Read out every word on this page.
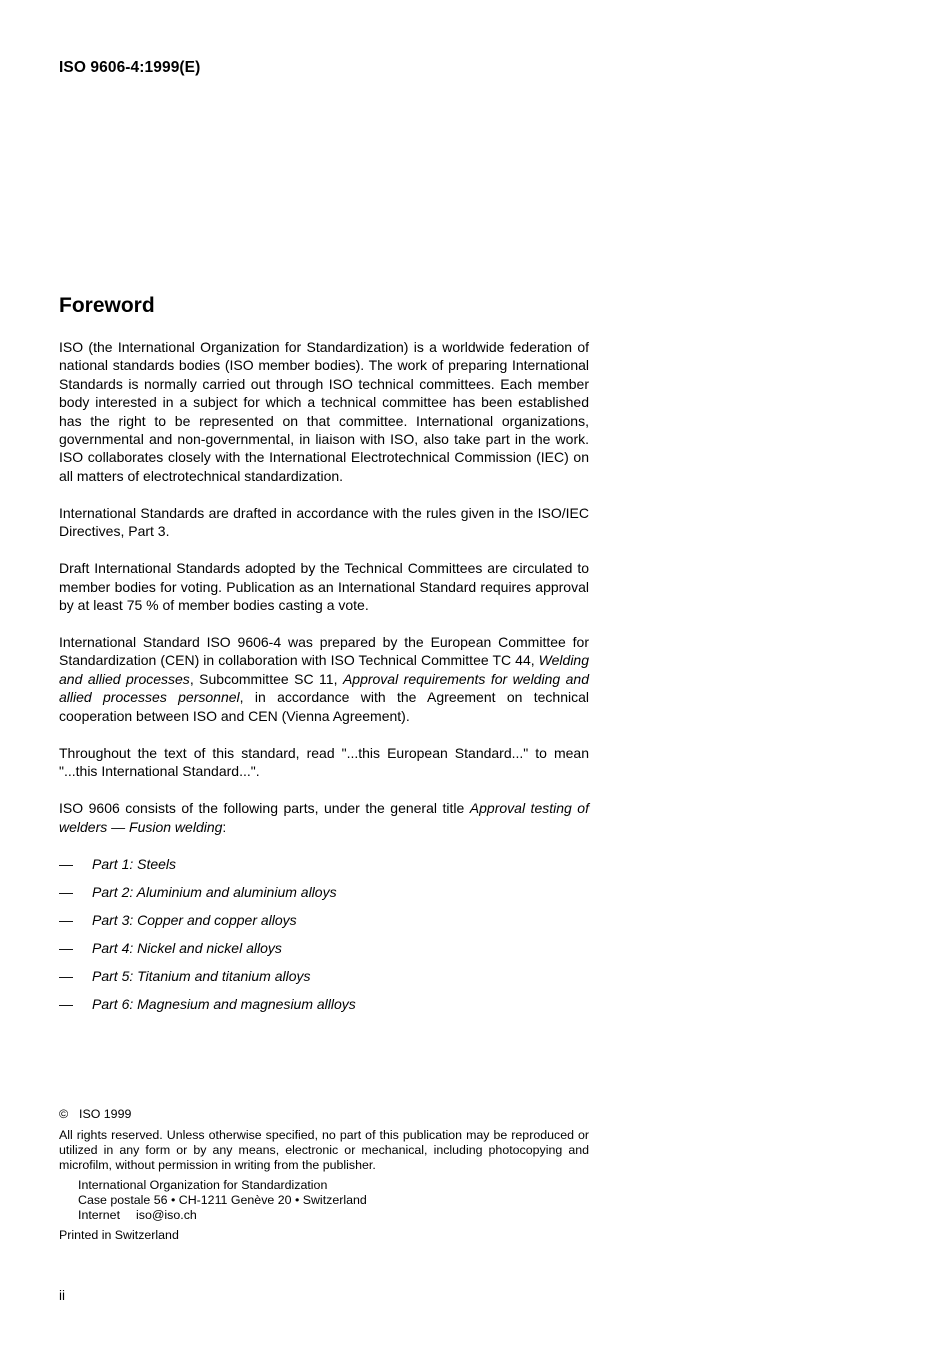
ISO 9606-4:1999(E)
Foreword

ISO (the International Organization for Standardization) is a worldwide federation of national standards bodies (ISO member bodies). The work of preparing International Standards is normally carried out through ISO technical committees. Each member body interested in a subject for which a technical committee has been established has the right to be represented on that committee. International organizations, governmental and non-governmental, in liaison with ISO, also take part in the work. ISO collaborates closely with the International Electrotechnical Commission (IEC) on all matters of electrotechnical standardization.

International Standards are drafted in accordance with the rules given in the ISO/IEC Directives, Part 3.

Draft International Standards adopted by the Technical Committees are circulated to member bodies for voting. Publication as an International Standard requires approval by at least 75 % of member bodies casting a vote.

International Standard ISO 9606-4 was prepared by the European Committee for Standardization (CEN) in collaboration with ISO Technical Committee TC 44, Welding and allied processes, Subcommittee SC 11, Approval requirements for welding and allied processes personnel, in accordance with the Agreement on technical cooperation between ISO and CEN (Vienna Agreement).

Throughout the text of this standard, read "...this European Standard..." to mean "...this International Standard...".

ISO 9606 consists of the following parts, under the general title Approval testing of welders — Fusion welding:

—	Part 1: Steels
—	Part 2: Aluminium and aluminium alloys
—	Part 3: Copper and copper alloys
—	Part 4: Nickel and nickel alloys
—	Part 5: Titanium and titanium alloys
—	Part 6: Magnesium and magnesium allloys
© ISO 1999
All rights reserved. Unless otherwise specified, no part of this publication may be reproduced or utilized in any form or by any means, electronic or mechanical, including photocopying and microfilm, without permission in writing from the publisher.
International Organization for Standardization
Case postale 56 • CH-1211 Genève 20 • Switzerland
Internet iso@iso.ch
Printed in Switzerland
ii
